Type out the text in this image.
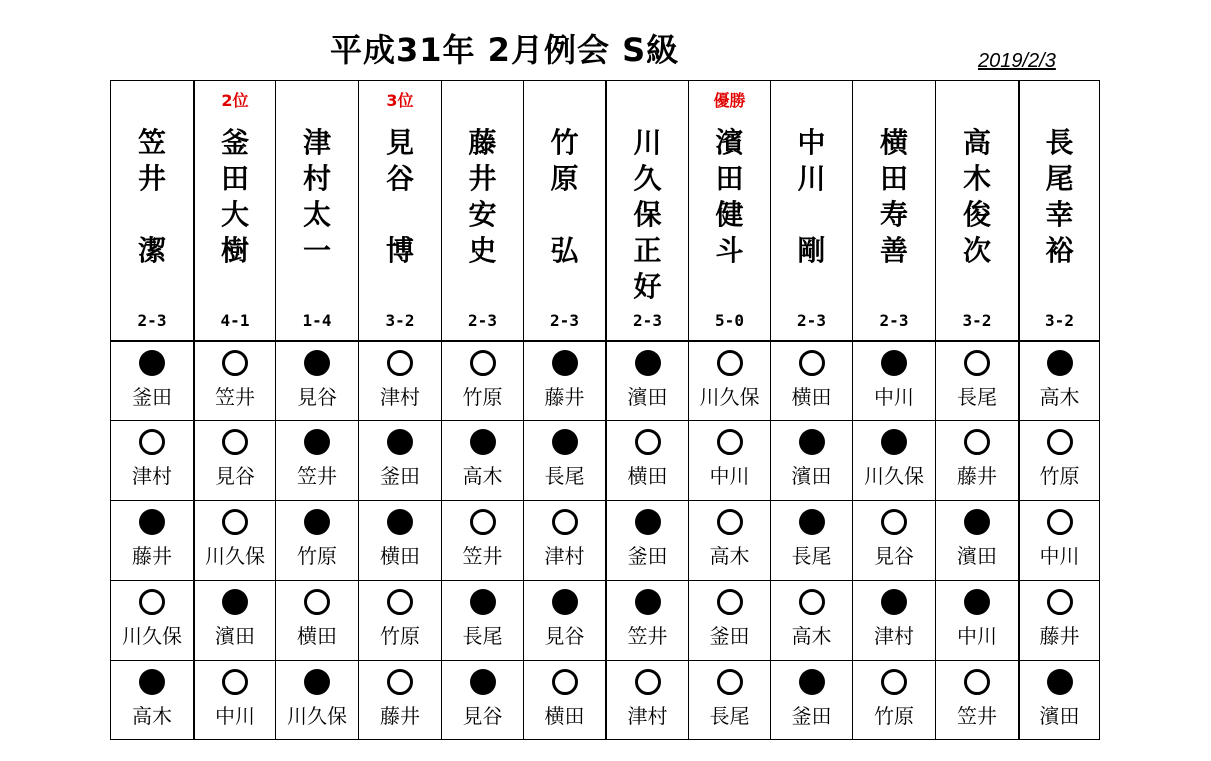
平成31年 2月例会 S級	2019/2/3
笠
井
潔
2-3
釜田
津村
藤井
川久保
高木
2位
釜
田
大
樹
4-1
笠井
見谷
川久保
濱田
中川
津
村
太
一
1-4
見谷
笠井
竹原
横田
川久保
3位
見
谷
博
3-2
津村
釜田
横田
竹原
藤井
藤
井
安
史
2-3
竹原
高木
笠井
長尾
見谷
竹
原
弘
2-3
藤井
長尾
津村
見谷
横田
川
久
保
正
好
2-3
濱田
横田
釜田
笠井
津村
優勝
濱
田
健
斗
5-0
川久保
中川
高木
釜田
長尾
中
川
剛
2-3
横田
濱田
長尾
高木
釜田
横
田
寿
善
2-3
中川
川久保
見谷
津村
竹原
高
木
俊
次
3-2
長尾
藤井
濱田
中川
笠井
長
尾
幸
裕
3-2
高木
竹原
中川
藤井
濱田
